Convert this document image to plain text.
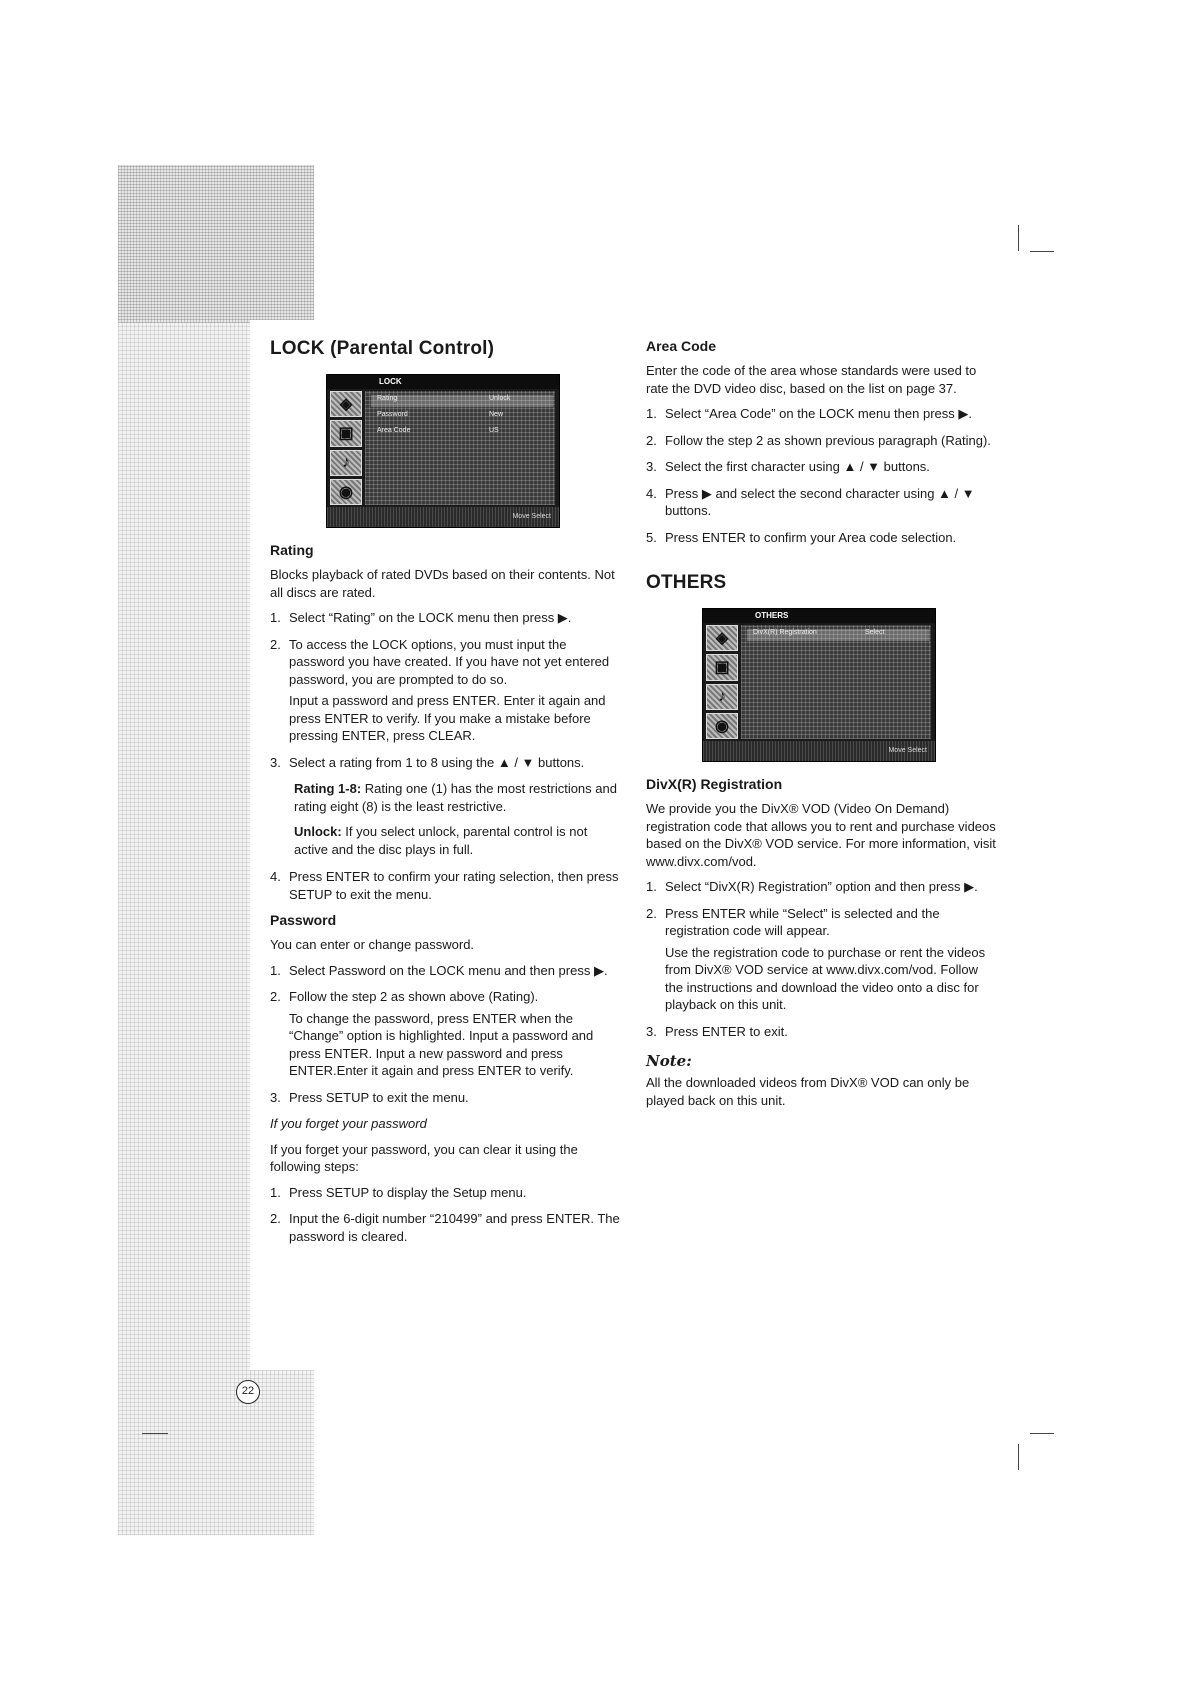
LOCK (Parental Control)
LOCK
◈
▣
♪
◉
Rating	Unlock
Password	New
Area Code	US
Move Select
Rating

Blocks playback of rated DVDs based on their contents. Not all discs are rated.

1. Select “Rating” on the LOCK menu then press ▶.
2. To access the LOCK options, you must input the password you have created. If you have not yet entered password, you are prompted to do so.
Input a password and press ENTER. Enter it again and press ENTER to verify. If you make a mistake before pressing ENTER, press CLEAR.
3. Select a rating from 1 to 8 using the ▲ / ▼ buttons.

Rating 1-8: Rating one (1) has the most restrictions and rating eight (8) is the least restrictive.

Unlock: If you select unlock, parental control is not active and the disc plays in full.

4. Press ENTER to confirm your rating selection, then press SETUP to exit the menu.
Password

You can enter or change password.

1. Select Password on the LOCK menu and then press ▶.
2. Follow the step 2 as shown above (Rating).
To change the password, press ENTER when the “Change” option is highlighted. Input a password and press ENTER. Input a new password and press ENTER.Enter it again and press ENTER to verify.
3. Press SETUP to exit the menu.

If you forget your password

If you forget your password, you can clear it using the following steps:

1. Press SETUP to display the Setup menu.
2. Input the 6-digit number “210499” and press ENTER. The password is cleared.
Area Code

Enter the code of the area whose standards were used to rate the DVD video disc, based on the list on page 37.

1. Select “Area Code” on the LOCK menu then press ▶.
2. Follow the step 2 as shown previous paragraph (Rating).
3. Select the first character using ▲ / ▼ buttons.
4. Press ▶ and select the second character using ▲ / ▼ buttons.
5. Press ENTER to confirm your Area code selection.
OTHERS
OTHERS
◈
▣
♪
◉
DivX(R) Registration	Select
Move Select
DivX(R) Registration

We provide you the DivX® VOD (Video On Demand) registration code that allows you to rent and purchase videos based on the DivX® VOD service. For more information, visit www.divx.com/vod.

1. Select “DivX(R) Registration” option and then press ▶.
2. Press ENTER while “Select” is selected and the registration code will appear.
Use the registration code to purchase or rent the videos from DivX® VOD service at www.divx.com/vod. Follow the instructions and download the video onto a disc for playback on this unit.
3. Press ENTER to exit.
Note:

All the downloaded videos from DivX® VOD can only be played back on this unit.

22
